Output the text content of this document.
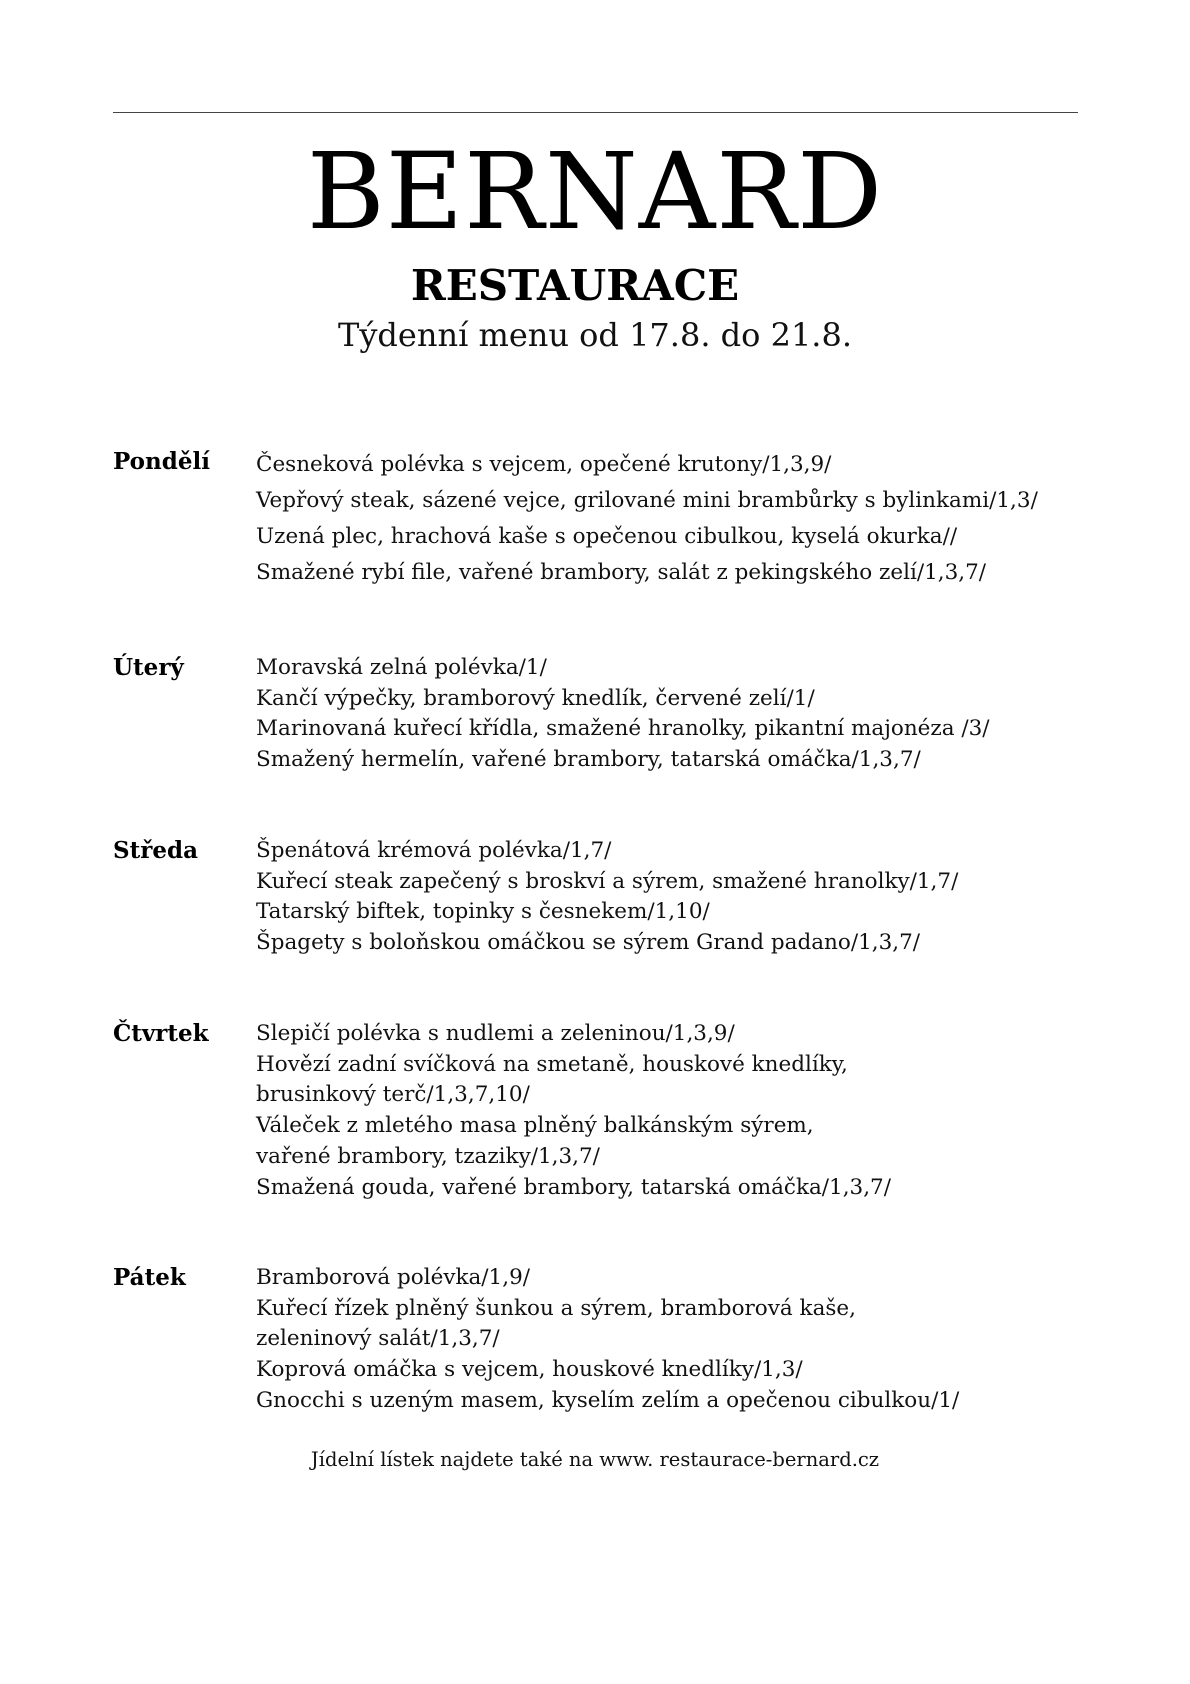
BERNARD
RESTAURACE
Týdenní menu od 17.8. do 21.8.
Pondělí Česneková polévka s vejcem, opečené krutony/1,3,9/
Vepřový steak, sázené vejce, grilované mini brambůrky s bylinkami/1,3/
Uzená plec, hrachová kaše s opečenou cibulkou, kyselá okurka//
Smažené rybí file, vařené brambory, salát z pekingského zelí/1,3,7/
Úterý	Moravská zelná polévka/1/
Kančí výpečky, bramborový knedlík, červené zelí/1/
Marinovaná kuřecí křídla, smažené hranolky, pikantní majonéza /3/
Smažený hermelín, vařené brambory, tatarská omáčka/1,3,7/
Středa	Špenátová krémová polévka/1,7/
Kuřecí steak zapečený s broskví a sýrem, smažené hranolky/1,7/
Tatarský biftek, topinky s česnekem/1,10/
Špagety s boloňskou omáčkou se sýrem Grand padano/1,3,7/
Čtvrtek Slepičí polévka s nudlemi a zeleninou/1,3,9/
Hovězí zadní svíčková na smetaně, houskové knedlíky,
brusinkový terč/1,3,7,10/
Váleček z mletého masa plněný balkánským sýrem,
vařené brambory, tzaziky/1,3,7/
Smažená gouda, vařené brambory, tatarská omáčka/1,3,7/
Pátek	Bramborová polévka/1,9/
Kuřecí řízek plněný šunkou a sýrem, bramborová kaše,
zeleninový salát/1,3,7/
Koprová omáčka s vejcem, houskové knedlíky/1,3/
Gnocchi s uzeným masem, kyselím zelím a opečenou cibulkou/1/
Jídelní lístek najdete také na www. restaurace-bernard.cz
